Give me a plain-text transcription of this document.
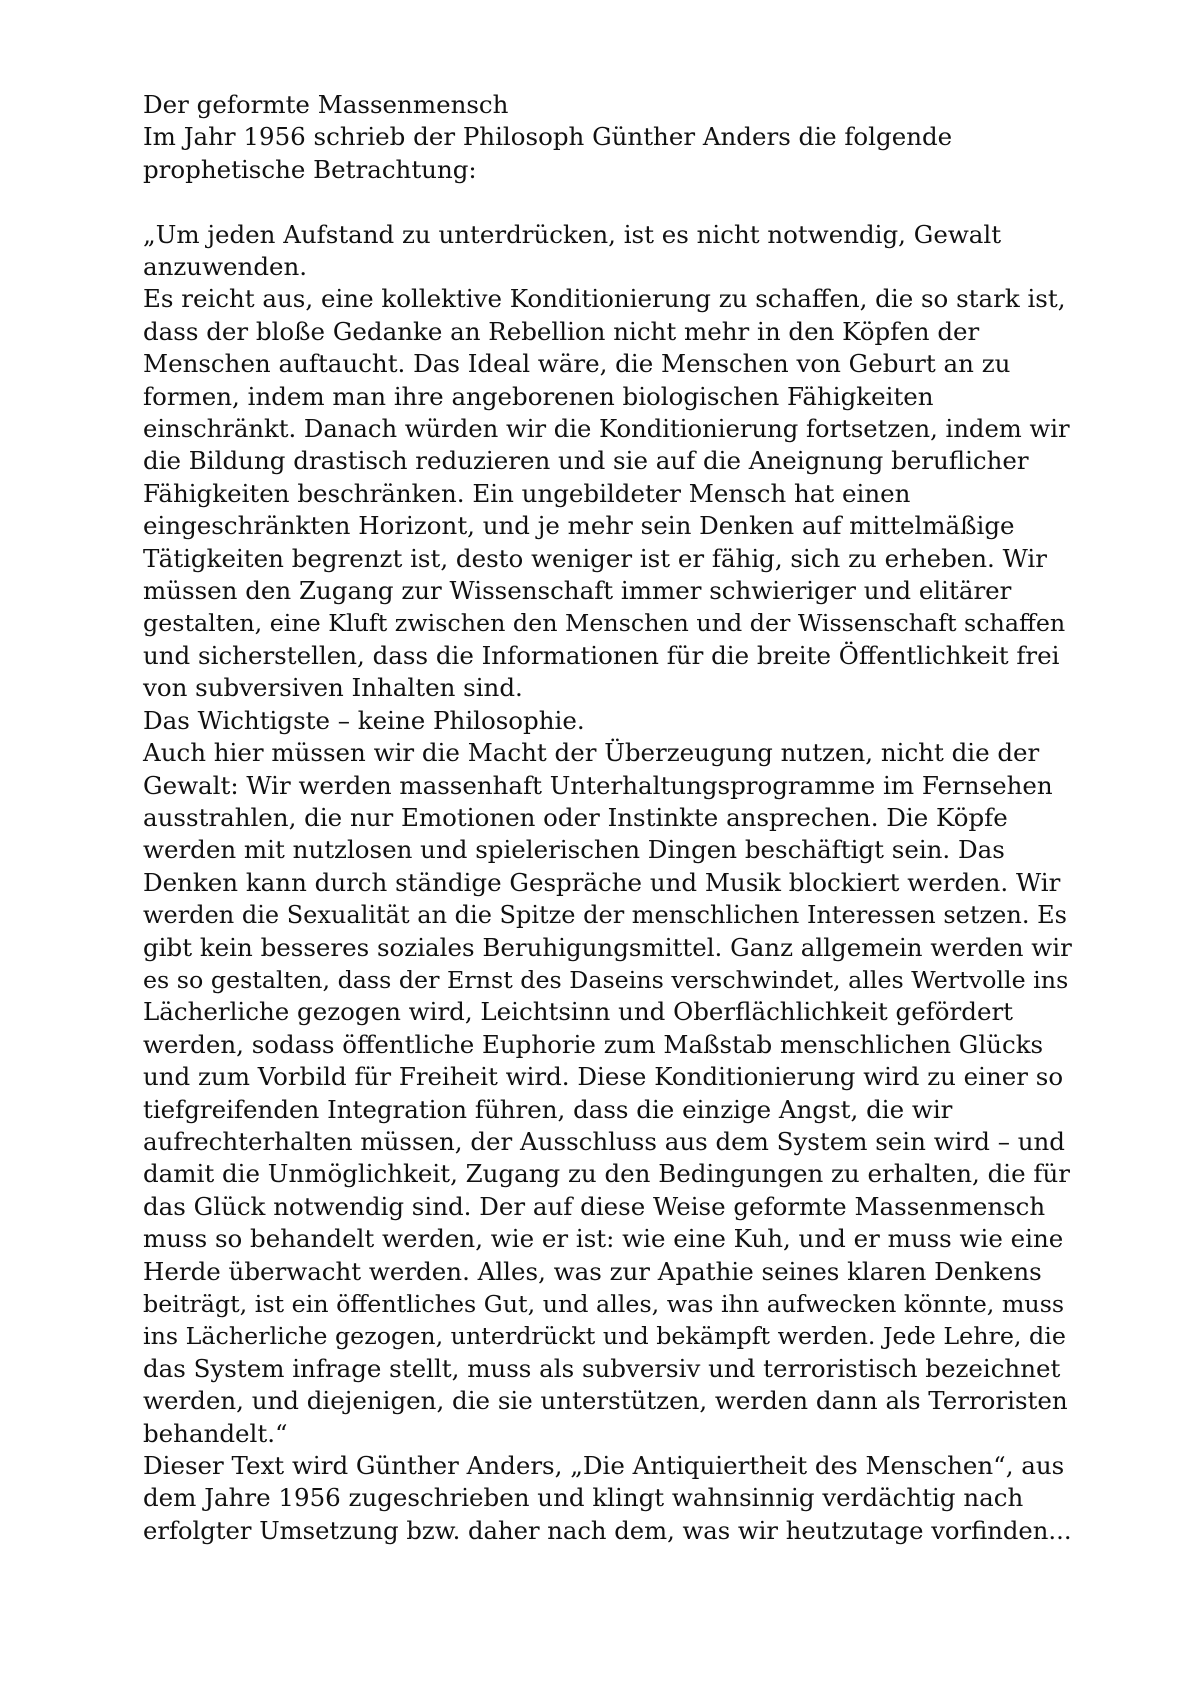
Der geformte Massenmensch
Im Jahr 1956 schrieb der Philosoph Günther Anders die folgende
prophetische Betrachtung:
„Um jeden Aufstand zu unterdrücken, ist es nicht notwendig, Gewalt
anzuwenden.
Es reicht aus, eine kollektive Konditionierung zu schaffen, die so stark ist,
dass der bloße Gedanke an Rebellion nicht mehr in den Köpfen der
Menschen auftaucht. Das Ideal wäre, die Menschen von Geburt an zu
formen, indem man ihre angeborenen biologischen Fähigkeiten
einschränkt. Danach würden wir die Konditionierung fortsetzen, indem wir
die Bildung drastisch reduzieren und sie auf die Aneignung beruflicher
Fähigkeiten beschränken. Ein ungebildeter Mensch hat einen
eingeschränkten Horizont, und je mehr sein Denken auf mittelmäßige
Tätigkeiten begrenzt ist, desto weniger ist er fähig, sich zu erheben. Wir
müssen den Zugang zur Wissenschaft immer schwieriger und elitärer
gestalten, eine Kluft zwischen den Menschen und der Wissenschaft schaffen
und sicherstellen, dass die Informationen für die breite Öffentlichkeit frei
von subversiven Inhalten sind.
Das Wichtigste – keine Philosophie.
Auch hier müssen wir die Macht der Überzeugung nutzen, nicht die der
Gewalt: Wir werden massenhaft Unterhaltungsprogramme im Fernsehen
ausstrahlen, die nur Emotionen oder Instinkte ansprechen. Die Köpfe
werden mit nutzlosen und spielerischen Dingen beschäftigt sein. Das
Denken kann durch ständige Gespräche und Musik blockiert werden. Wir
werden die Sexualität an die Spitze der menschlichen Interessen setzen. Es
gibt kein besseres soziales Beruhigungsmittel. Ganz allgemein werden wir
es so gestalten, dass der Ernst des Daseins verschwindet, alles Wertvolle ins
Lächerliche gezogen wird, Leichtsinn und Oberflächlichkeit gefördert
werden, sodass öffentliche Euphorie zum Maßstab menschlichen Glücks
und zum Vorbild für Freiheit wird. Diese Konditionierung wird zu einer so
tiefgreifenden Integration führen, dass die einzige Angst, die wir
aufrechterhalten müssen, der Ausschluss aus dem System sein wird – und
damit die Unmöglichkeit, Zugang zu den Bedingungen zu erhalten, die für
das Glück notwendig sind. Der auf diese Weise geformte Massenmensch
muss so behandelt werden, wie er ist: wie eine Kuh, und er muss wie eine
Herde überwacht werden. Alles, was zur Apathie seines klaren Denkens
beiträgt, ist ein öffentliches Gut, und alles, was ihn aufwecken könnte, muss
ins Lächerliche gezogen, unterdrückt und bekämpft werden. Jede Lehre, die
das System infrage stellt, muss als subversiv und terroristisch bezeichnet
werden, und diejenigen, die sie unterstützen, werden dann als Terroristen
behandelt.“
Dieser Text wird Günther Anders, „Die Antiquiertheit des Menschen“, aus
dem Jahre 1956 zugeschrieben und klingt wahnsinnig verdächtig nach
erfolgter Umsetzung bzw. daher nach dem, was wir heutzutage vorfinden...
